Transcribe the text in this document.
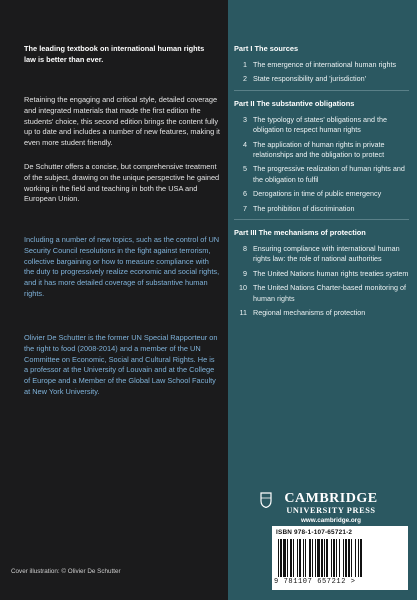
The leading textbook on international human rights law is better than ever.
Retaining the engaging and critical style, detailed coverage and integrated materials that made the first edition the students' choice, this second edition brings the content fully up to date and includes a number of new features, making it even more student friendly.
De Schutter offers a concise, but comprehensive treatment of the subject, drawing on the unique perspective he gained working in the field and teaching in both the USA and European Union.
Including a number of new topics, such as the control of UN Security Council resolutions in the fight against terrorism, collective bargaining or how to measure compliance with the duty to progressively realize economic and social rights, and it has more detailed coverage of substantive human rights.
Olivier De Schutter is the former UN Special Rapporteur on the right to food (2008-2014) and a member of the UN Committee on Economic, Social and Cultural Rights. He is a professor at the University of Louvain and at the College of Europe and a Member of the Global Law School Faculty at New York University.
Cover illustration: © Olivier De Schutter
Part I The sources
1 The emergence of international human rights
2 State responsibility and 'jurisdiction'
Part II The substantive obligations
3 The typology of states' obligations and the obligation to respect human rights
4 The application of human rights in private relationships and the obligation to protect
5 The progressive realization of human rights and the obligation to fulfil
6 Derogations in time of public emergency
7 The prohibition of discrimination
Part III The mechanisms of protection
8 Ensuring compliance with international human rights law: the role of national authorities
9 The United Nations human rights treaties system
10 The United Nations Charter-based monitoring of human rights
11 Regional mechanisms of protection
CAMBRIDGE
UNIVERSITY PRESS
www.cambridge.org
ISBN 978-1-107-65721-2
9 781107 657212 >
